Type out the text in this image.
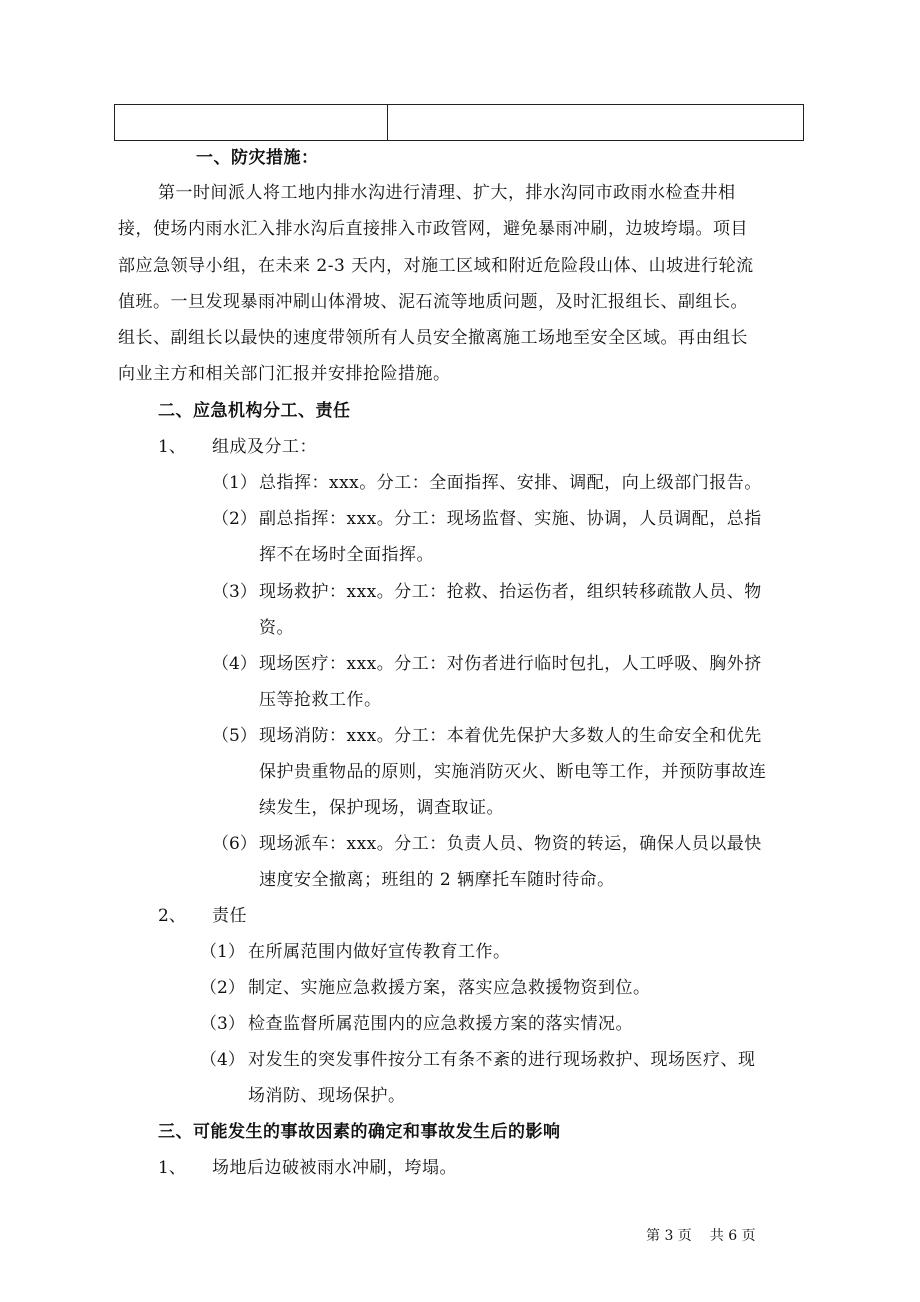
一、防灾措施：
第一时间派人将工地内排水沟进行清理、扩大，排水沟同市政雨水检查井相
接，使场内雨水汇入排水沟后直接排入市政管网，避免暴雨冲刷，边坡垮塌。项目
部应急领导小组，在未来 2-3 天内，对施工区域和附近危险段山体、山坡进行轮流
值班。一旦发现暴雨冲刷山体滑坡、泥石流等地质问题，及时汇报组长、副组长。
组长、副组长以最快的速度带领所有人员安全撤离施工场地至安全区域。再由组长
向业主方和相关部门汇报并安排抢险措施。
二、应急机构分工、责任
1、 组成及分工：
（1） 总指挥：xxx。分工：全面指挥、安排、调配，向上级部门报告。
（2） 副总指挥：xxx。分工：现场监督、实施、协调，人员调配，总指
挥不在场时全面指挥。
（3） 现场救护：xxx。分工：抢救、抬运伤者，组织转移疏散人员、物
资。
（4） 现场医疗：xxx。分工：对伤者进行临时包扎，人工呼吸、胸外挤
压等抢救工作。
（5） 现场消防：xxx。分工：本着优先保护大多数人的生命安全和优先
保护贵重物品的原则，实施消防灭火、断电等工作，并预防事故连
续发生，保护现场，调查取证。
（6） 现场派车：xxx。分工：负责人员、物资的转运，确保人员以最快
速度安全撤离；班组的 2 辆摩托车随时待命。
2、 责任
（1） 在所属范围内做好宣传教育工作。
（2） 制定、实施应急救援方案，落实应急救援物资到位。
（3） 检查监督所属范围内的应急救援方案的落实情况。
（4） 对发生的突发事件按分工有条不紊的进行现场救护、现场医疗、现
场消防、现场保护。
三、可能发生的事故因素的确定和事故发生后的影响
1、 场地后边破被雨水冲刷，垮塌。
第 3 页 共 6 页
